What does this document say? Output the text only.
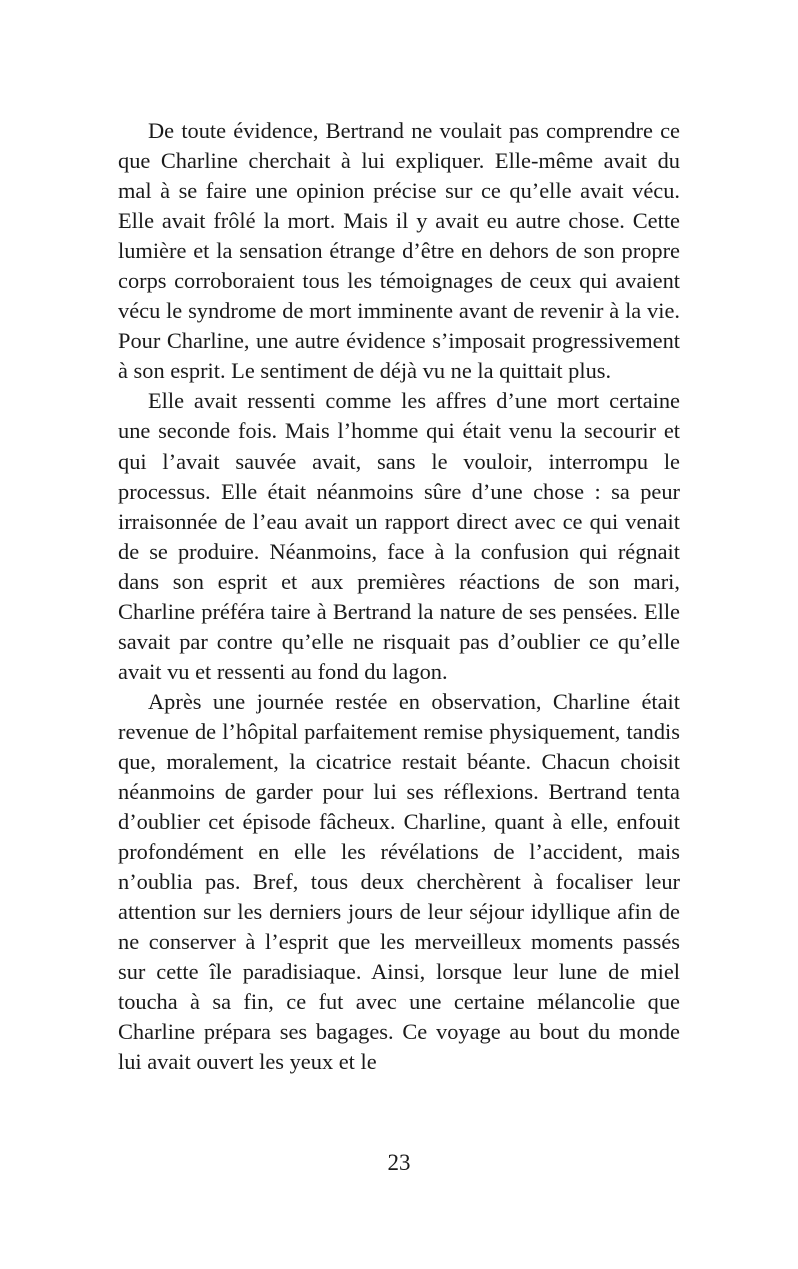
De toute évidence, Bertrand ne voulait pas comprendre ce que Charline cherchait à lui expliquer. Elle-même avait du mal à se faire une opinion précise sur ce qu’elle avait vécu. Elle avait frôlé la mort. Mais il y avait eu autre chose. Cette lumière et la sensation étrange d’être en dehors de son propre corps corroboraient tous les témoignages de ceux qui avaient vécu le syndrome de mort imminente avant de revenir à la vie. Pour Charline, une autre évidence s’imposait progressivement à son esprit. Le sentiment de déjà vu ne la quittait plus.

Elle avait ressenti comme les affres d’une mort certaine une seconde fois. Mais l’homme qui était venu la secourir et qui l’avait sauvée avait, sans le vouloir, interrompu le processus. Elle était néanmoins sûre d’une chose : sa peur irraisonnée de l’eau avait un rapport direct avec ce qui venait de se produire. Néanmoins, face à la confusion qui régnait dans son esprit et aux premières réactions de son mari, Charline préféra taire à Bertrand la nature de ses pensées. Elle savait par contre qu’elle ne risquait pas d’oublier ce qu’elle avait vu et ressenti au fond du lagon.

Après une journée restée en observation, Charline était revenue de l’hôpital parfaitement remise physiquement, tandis que, moralement, la cicatrice restait béante. Chacun choisit néanmoins de garder pour lui ses réflexions. Bertrand tenta d’oublier cet épisode fâcheux. Charline, quant à elle, enfouit profondément en elle les révélations de l’accident, mais n’oublia pas. Bref, tous deux cherchèrent à focaliser leur attention sur les derniers jours de leur séjour idyllique afin de ne conserver à l’esprit que les merveilleux moments passés sur cette île paradisiaque. Ainsi, lorsque leur lune de miel toucha à sa fin, ce fut avec une certaine mélancolie que Charline prépara ses bagages. Ce voyage au bout du monde lui avait ouvert les yeux et le

23
